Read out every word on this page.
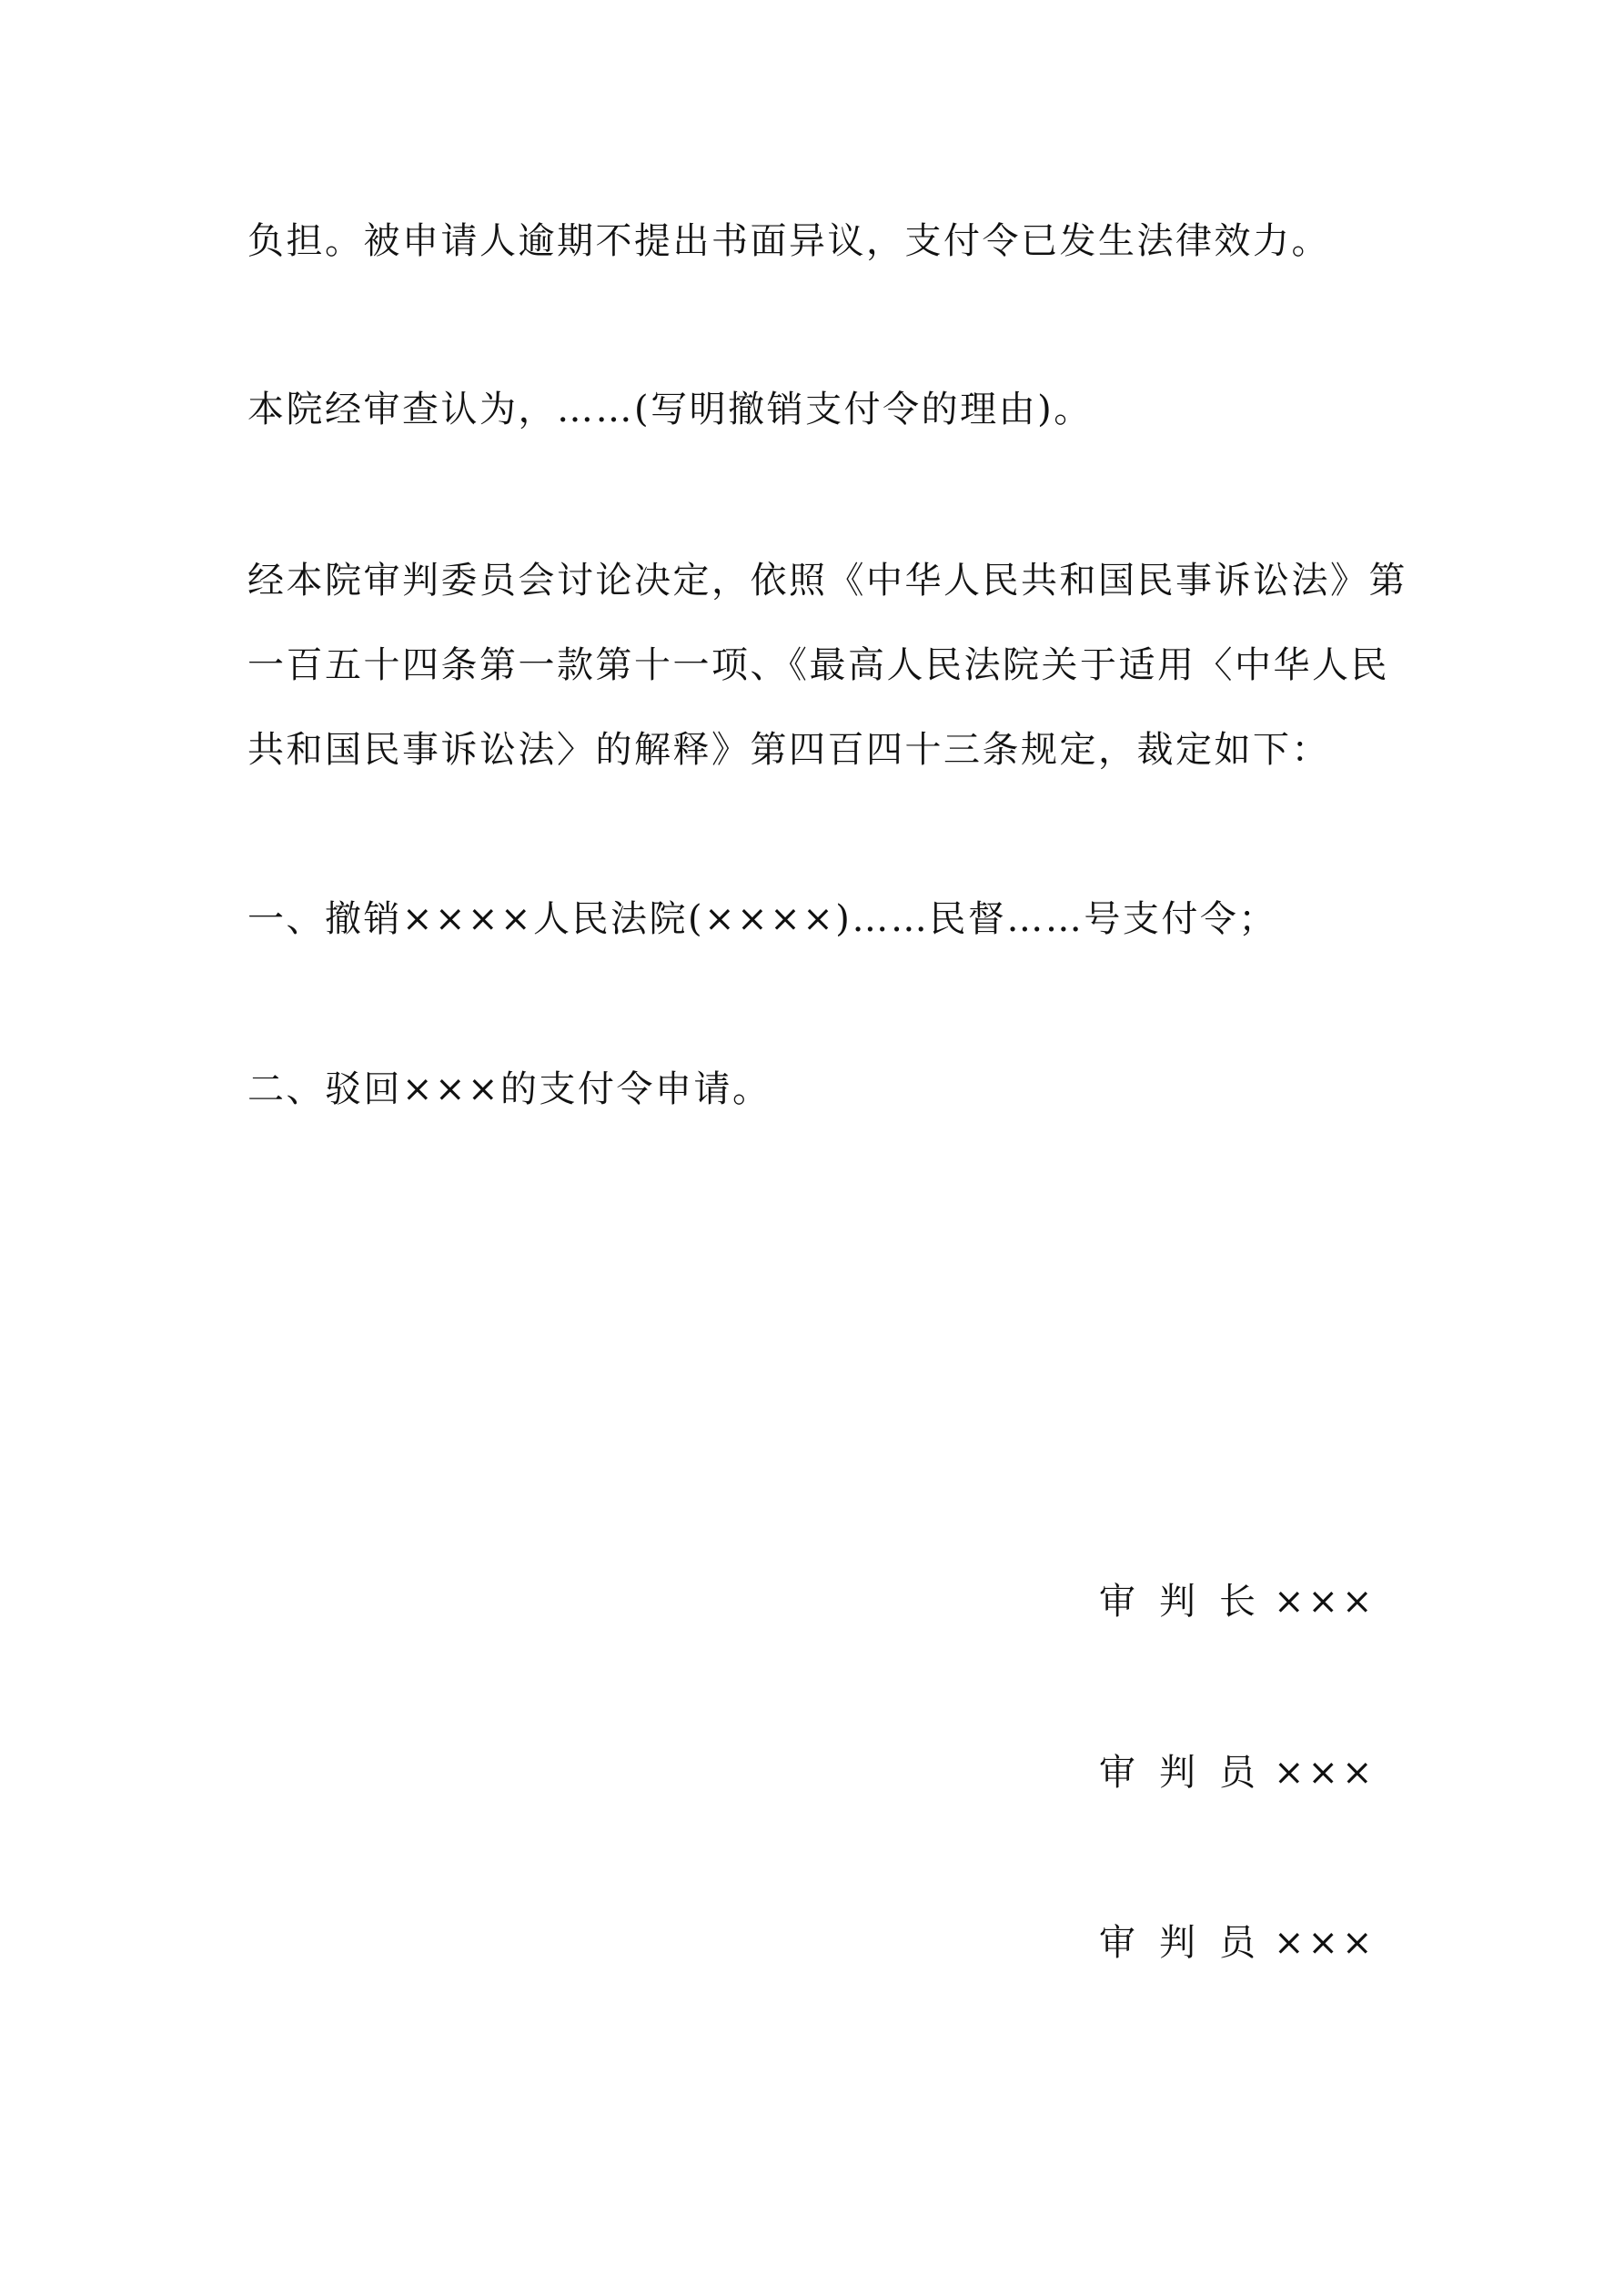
负担。被申请人逾期不提出书面异议，支付令已发生法律效力。
本院经审查认为，……(写明撤销支付令的理由)。
经本院审判委员会讨论决定，依照《中华人民共和国民事诉讼法》第
一百五十四条第一款第十一项、《最高人民法院关于适用〈中华人民
共和国民事诉讼法〉的解释》第四百四十三条规定，裁定如下：
一、撤销××××人民法院(××××)……民督……号支付令；
二、驳回×××的支付令申请。
审判长×××
审判员×××
审判员×××
